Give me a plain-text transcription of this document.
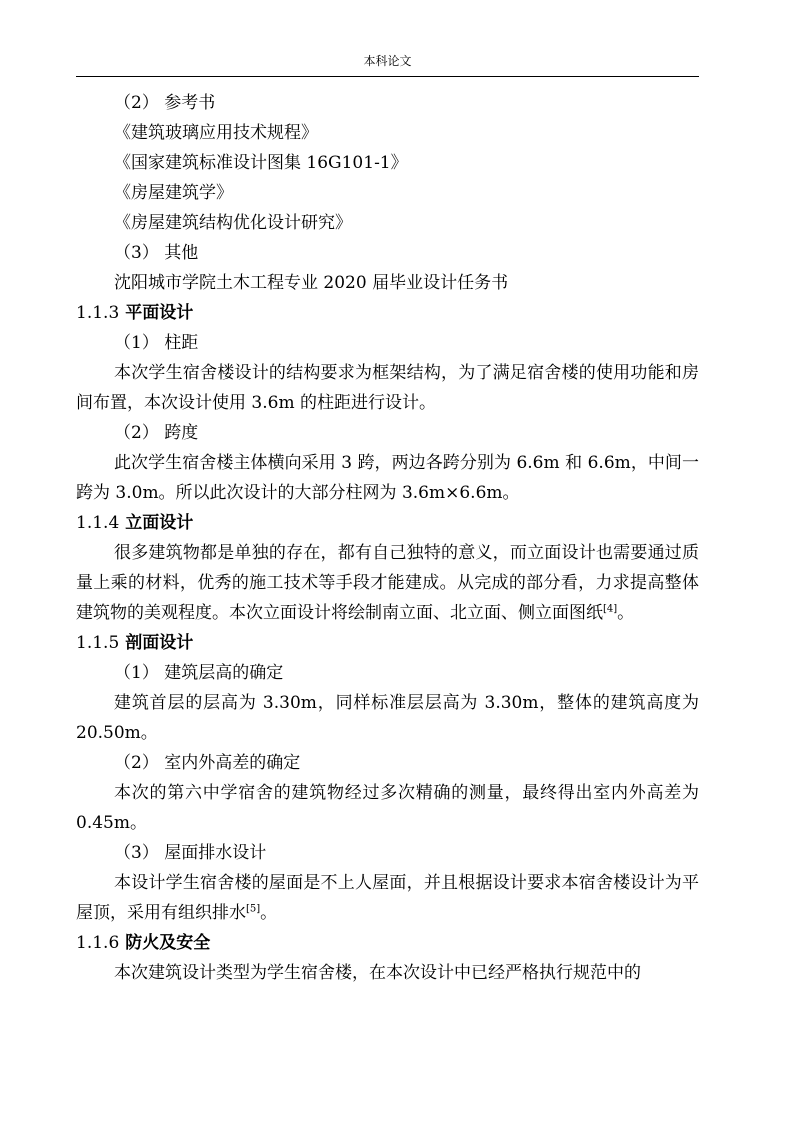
本科论文
（2） 参考书
《建筑玻璃应用技术规程》
《国家建筑标准设计图集 16G101-1》
《房屋建筑学》
《房屋建筑结构优化设计研究》
（3） 其他
沈阳城市学院土木工程专业 2020 届毕业设计任务书
1.1.3 平面设计
（1） 柱距
本次学生宿舍楼设计的结构要求为框架结构，为了满足宿舍楼的使用功能和房间布置，本次设计使用 3.6m 的柱距进行设计。
（2） 跨度
此次学生宿舍楼主体横向采用 3 跨，两边各跨分别为 6.6m 和 6.6m，中间一跨为 3.0m。所以此次设计的大部分柱网为 3.6m×6.6m。
1.1.4 立面设计
很多建筑物都是单独的存在，都有自己独特的意义，而立面设计也需要通过质量上乘的材料，优秀的施工技术等手段才能建成。从完成的部分看，力求提高整体建筑物的美观程度。本次立面设计将绘制南立面、北立面、侧立面图纸[4]。
1.1.5 剖面设计
（1） 建筑层高的确定
建筑首层的层高为 3.30m，同样标准层层高为 3.30m，整体的建筑高度为 20.50m。
（2） 室内外高差的确定
本次的第六中学宿舍的建筑物经过多次精确的测量，最终得出室内外高差为 0.45m。
（3） 屋面排水设计
本设计学生宿舍楼的屋面是不上人屋面，并且根据设计要求本宿舍楼设计为平屋顶，采用有组织排水[5]。
1.1.6 防火及安全
本次建筑设计类型为学生宿舍楼，在本次设计中已经严格执行规范中的
